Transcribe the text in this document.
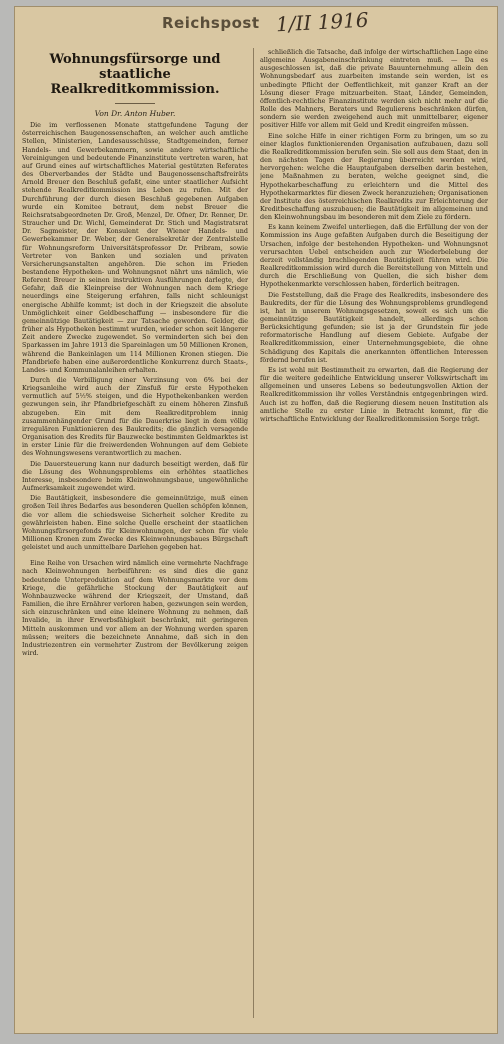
Reichspost 1/II 1916
Wohnungsfürsorge und staatliche Realkreditkommission.
Von Dr. Anton Huber.

Die im verflossenen Monate stattgefundene Tagung der österreichischen Baugenossenschaften, an welcher auch amtliche Stellen, Ministerien, Landesausschüsse, Stadtgemeinden, ferner Handels- und Gewerbekammern, sowie andere wirtschaftliche Vereinigungen und bedeutende Finanzinstitute vertreten waren, hat auf Grund eines auf wirtschaftliches Material gestützten Referates des Oberverbandes der Städte und Baugenossenschaftsfreiräts Arnold Breuer den Beschluß gefaßt, eine unter staatlicher Aufsicht stehende Realkreditkommission ins Leben zu rufen. Mit der Durchführung der durch diesen Beschluß gegebenen Aufgaben wurde ein Komitee betraut, dem nebst Breuer die Reichsratsabgeordneten Dr. Groß, Menzel, Dr. Ofner, Dr. Renner, Dr. Straucher und Dr. Wichl, Gemeinderat Dr. Stich und Magistratsrat Dr. Sagmeister, der Konsulent der Wiener Handels- und Gewerbekammer Dr. Weber, der Generalsekretär der Zentralstelle für Wohnungsreform Universitätsprofessor Dr. Pribram, sowie Vertreter von Banken und sozialen und privaten Versicherungsanstalten angehören. Die schon im Frieden bestandene Hypotheken- und Wohnungsnot nährt uns nämlich, wie Referent Breuer in seinen instruktiven Ausführungen darlegte, der Gefahr, daß die Kleinpreise der Wohnungen nach dem Kriege neuerdings eine Steigerung erfahren, falls nicht schleunigst energische Abhilfe kommt; ist doch in der Kriegszeit die absolute Unmöglichkeit einer Geldbeschaffung — insbesondere für die gemeinnützige Bautätigkeit — zur Tatsache geworden. Gelder, die früher als Hypotheken bestimmt wurden, wieder schon seit längerer Zeit andere Zwecke zugewendet. So verminderten sich bei den Sparkassen im Jahre 1913 die Spareinlagen um 50 Millionen Kronen, während die Bankeinlagen um 114 Millionen Kronen stiegen. Die Pfandbriefe haben eine außerordentliche Konkurrenz durch Staats-, Landes- und Kommunalanleihen erhalten.

Durch die Verbilligung einer Verzinsung von 6% bei der Kriegsanleihe wird auch der Zinsfuß für erste Hypotheken vermutlich auf 5½% steigen, und die Hypothekenbanken werden gezwungen sein, ihr Pfandbriefgeschäft zu einem höheren Zinsfuß abzugeben. Ein mit dem Realkreditproblem innig zusammenhängender Grund für die Dauerkrise liegt in dem völlig irregulären Funktionieren des Baukredits; die gänzlich versagende Organisation des Kredits für Bauzwecke bestimmten Geldmarktes ist in erster Linie für die freiwerdenden Wohnungen auf dem Gebiete des Wohnungswesens verantwortlich zu machen.

Die Dauersteuerung kann nur dadurch beseitigt werden, daß für die Lösung des Wohnungsproblems ein erhöhtes staatliches Interesse, insbesondere beim Kleinwohnungsbaue, ungewöhnliche Aufmerksamkeit zugewendet wird.

Die Bautätigkeit, insbesondere die gemeinnützige, muß einen großen Teil ihres Bedarfes aus besonderen Quellen schöpfen können, die vor allem die schiedsweise Sicherheit solcher Kredite zu gewährleisten haben. Eine solche Quelle erscheint der staatlichen Wohnungsfürsorgefonds für Kleinwohnungen, der schon für viele Millionen Kronen zum Zwecke des Kleinwohnungsbaues Bürgschaft geleistet und auch unmittelbare Darlehen gegeben hat.

Eine Reihe von Ursachen wird nämlich eine vermehrte Nachfrage nach Kleinwohnungen herbeiführen: es sind dies die ganz bedeutende Unterproduktion auf dem Wohnungsmarkte vor dem Kriege, die gefährliche Stockung der Bautätigkeit auf Wohnbauzwecke während der Kriegszeit, der Umstand, daß Familien, die ihre Ernährer verloren haben, gezwungen sein werden, sich einzuschränken und eine kleinere Wohnung zu nehmen, daß Invalide, in ihrer Erwerbsfähigkeit beschränkt, mit geringeren Mitteln auskommen und vor allem an der Wohnung werden sparen müssen; weiters die bezeichnete Annahme, daß sich in den Industriezentren ein vermehrter Zustrom der Bevölkerung zeigen wird.

schließlich die Tatsache, daß infolge der wirtschaftlichen Lage eine allgemeine Ausgabeneinschränkung eintreten muß. — Da es ausgeschlossen ist, daß die private Bauunternehmung allein den Wohnungsbedarf aus zuarbeiten imstande sein werden, ist es unbedingte Pflicht der Oeffentlichkeit, mit ganzer Kraft an der Lösung dieser Frage mitzuarbeiten. Staat, Länder, Gemeinden, öffentlich-rechtliche Finanzinstitute werden sich nicht mehr auf die Rolle des Mahners, Beraters und Regulierens beschränken dürfen, sondern sie werden zweigehend auch mit unmittelbarer, eigener positiver Hilfe vor allem mit Geld und Kredit eingreifen müssen.

Eine solche Hilfe in einer richtigen Form zu bringen, um so zu einer klaglos funktionierenden Organisation aufzubauen, dazu soll die Realkreditkommission berufen sein. Sie soll aus dem Staat, den in den nächsten Tagen der Regierung überreicht werden wird, hervorgehen: welche die Hauptaufgaben derselben darin bestehen, jene Maßnahmen zu beraten, welche geeignet sind, die Hypothekarbeschaffung zu erleichtern und die Mittel des Hypothekarmarktes für diesen Zweck heranzuziehen; Organisationen der Institute des österreichischen Realkredits zur Erleichterung der Kreditbeschaffung auszubauen; die Bautätigkeit im allgemeinen und den Kleinwohnungsbau im besonderen mit dem Ziele zu fördern.

Es kann keinem Zweifel unterliegen, daß die Erfüllung der von der Kommission ins Auge gefaßten Aufgaben durch die Beseitigung der Ursachen, infolge der bestehenden Hypotheken- und Wohnungsnot verursachten Uebel entscheiden auch zur Wiederbelebung der derzeit vollständig brachliegenden Bautätigkeit führen wird. Die Realkreditkommission wird durch die Bereitstellung von Mitteln und durch die Erschließung von Quellen, die sich bisher dem Hypothekenmarkte verschlossen haben, förderlich beitragen.

Die Feststellung, daß die Frage des Realkredits, insbesondere des Baukredits, der für die Lösung des Wohnungsproblems grundlegend ist, hat in unserem Wohnungsgesetzen, soweit es sich um die gemeinnützige Bautätigkeit handelt, allerdings schon Berücksichtigung gefunden; sie ist ja der Grundstein für jede reformatorische Handlung auf diesem Gebiete. Aufgabe der Realkreditkommission, einer Unternehmungsgebiete, die ohne Schädigung des Kapitals die anerkannten öffentlichen Interessen fördernd berufen ist.

Es ist wohl mit Bestimmtheit zu erwarten, daß die Regierung der für die weitere gedeihliche Entwicklung unserer Volkswirtschaft im allgemeinen und unseres Lebens so bedeutungsvollen Aktion der Realkreditkommission ihr volles Verständnis entgegenbringen wird. Auch ist zu hoffen, daß die Regierung diesem neuen Institution als amtliche Stelle zu erster Linie in Betracht kommt, für die wirtschaftliche Entwicklung der Realkreditkommission Sorge trägt.
